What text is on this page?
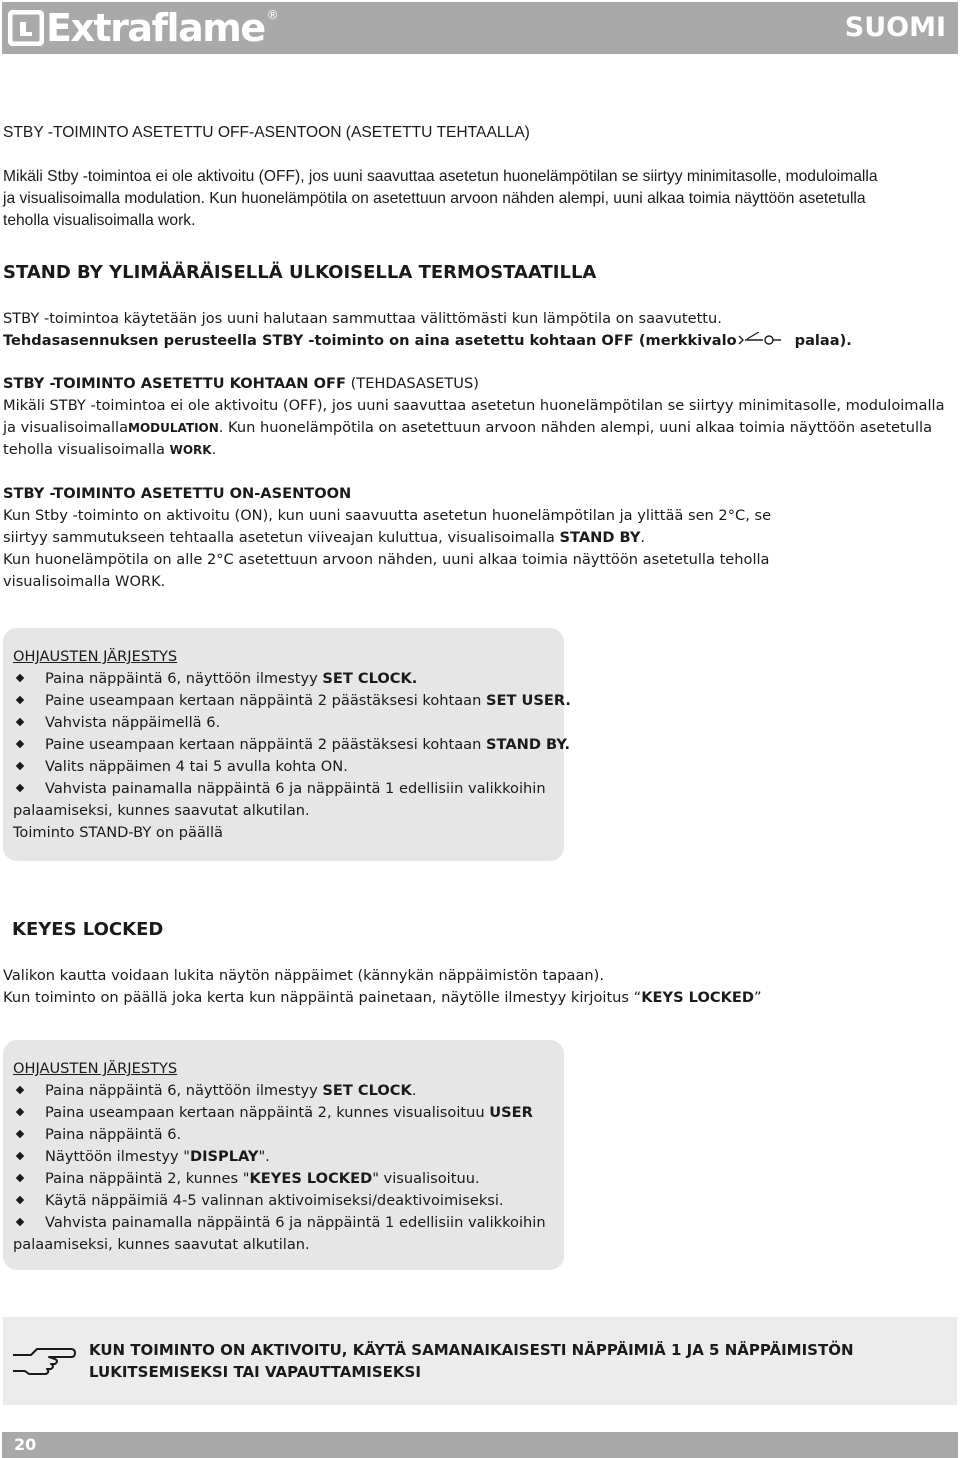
Extraflame ®	SUOMI

STBY -TOIMINTO ASETETTU OFF-ASENTOON (ASETETTU TEHTAALLA)

Mikäli Stby -toimintoa ei ole aktivoitu (OFF), jos uuni saavuttaa asetetun huonelämpötilan se siirtyy minimitasolle, moduloimalla

ja visualisoimalla modulation. Kun huonelämpötila on asetettuun arvoon nähden alempi, uuni alkaa toimia näyttöön asetetulla

teholla visualisoimalla work.

STAND BY YLIMÄÄRÄISELLÄ ULKOISELLA TERMOSTAATILLA

STBY -toimintoa käytetään jos uuni halutaan sammuttaa välittömästi kun lämpötila on saavutettu.

Tehdasasennuksen perusteella STBY -toiminto on aina asetettu kohtaan OFF (merkkivalo	palaa).

STBY -TOIMINTO ASETETTU KOHTAAN OFF (TEHDASASETUS)

Mikäli STBY -toimintoa ei ole aktivoitu (OFF), jos uuni saavuttaa asetetun huonelämpötilan se siirtyy minimitasolle, moduloimalla

ja visualisoimallaMODULATION. Kun huonelämpötila on asetettuun arvoon nähden alempi, uuni alkaa toimia näyttöön asetetulla

teholla visualisoimalla WORK.

STBY -TOIMINTO ASETETTU ON-ASENTOON

Kun Stby -toiminto on aktivoitu (ON), kun uuni saavuutta asetetun huonelämpötilan ja ylittää sen 2°C, se

siirtyy sammutukseen tehtaalla asetetun viiveajan kuluttua, visualisoimalla STAND BY.

Kun huonelämpötila on alle 2°C asetettuun arvoon nähden, uuni alkaa toimia näyttöön asetetulla teholla

visualisoimalla WORK.

OHJAUSTEN JÄRJESTYS
Paina näppäintä 6, näyttöön ilmestyy SET CLOCK.
Paine useampaan kertaan näppäintä 2 päästäksesi kohtaan SET USER.
Vahvista näppäimellä 6.
Paine useampaan kertaan näppäintä 2 päästäksesi kohtaan STAND BY.
Valits näppäimen 4 tai 5 avulla kohta ON.
Vahvista painamalla näppäintä 6 ja näppäintä 1 edellisiin valikkoihin
palaamiseksi, kunnes saavutat alkutilan.
Toiminto STAND-BY on päällä

KEYES LOCKED

Valikon kautta voidaan lukita näytön näppäimet (kännykän näppäimistön tapaan).

Kun toiminto on päällä joka kerta kun näppäintä painetaan, näytölle ilmestyy kirjoitus “KEYS LOCKED”

OHJAUSTEN JÄRJESTYS
Paina näppäintä 6, näyttöön ilmestyy SET CLOCK.
Paina useampaan kertaan näppäintä 2, kunnes visualisoituu USER
Paina näppäintä 6.
Näyttöön ilmestyy "DISPLAY".
Paina näppäintä 2, kunnes "KEYES LOCKED" visualisoituu.
Käytä näppäimiä 4-5 valinnan aktivoimiseksi/deaktivoimiseksi.
Vahvista painamalla näppäintä 6 ja näppäintä 1 edellisiin valikkoihin
palaamiseksi, kunnes saavutat alkutilan.
KUN TOIMINTO ON AKTIVOITU, KÄYTÄ SAMANAIKAISESTI NÄPPÄIMIÄ 1 JA 5 NÄPPÄIMISTÖN
LUKITSEMISEKSI TAI VAPAUTTAMISEKSI
20
